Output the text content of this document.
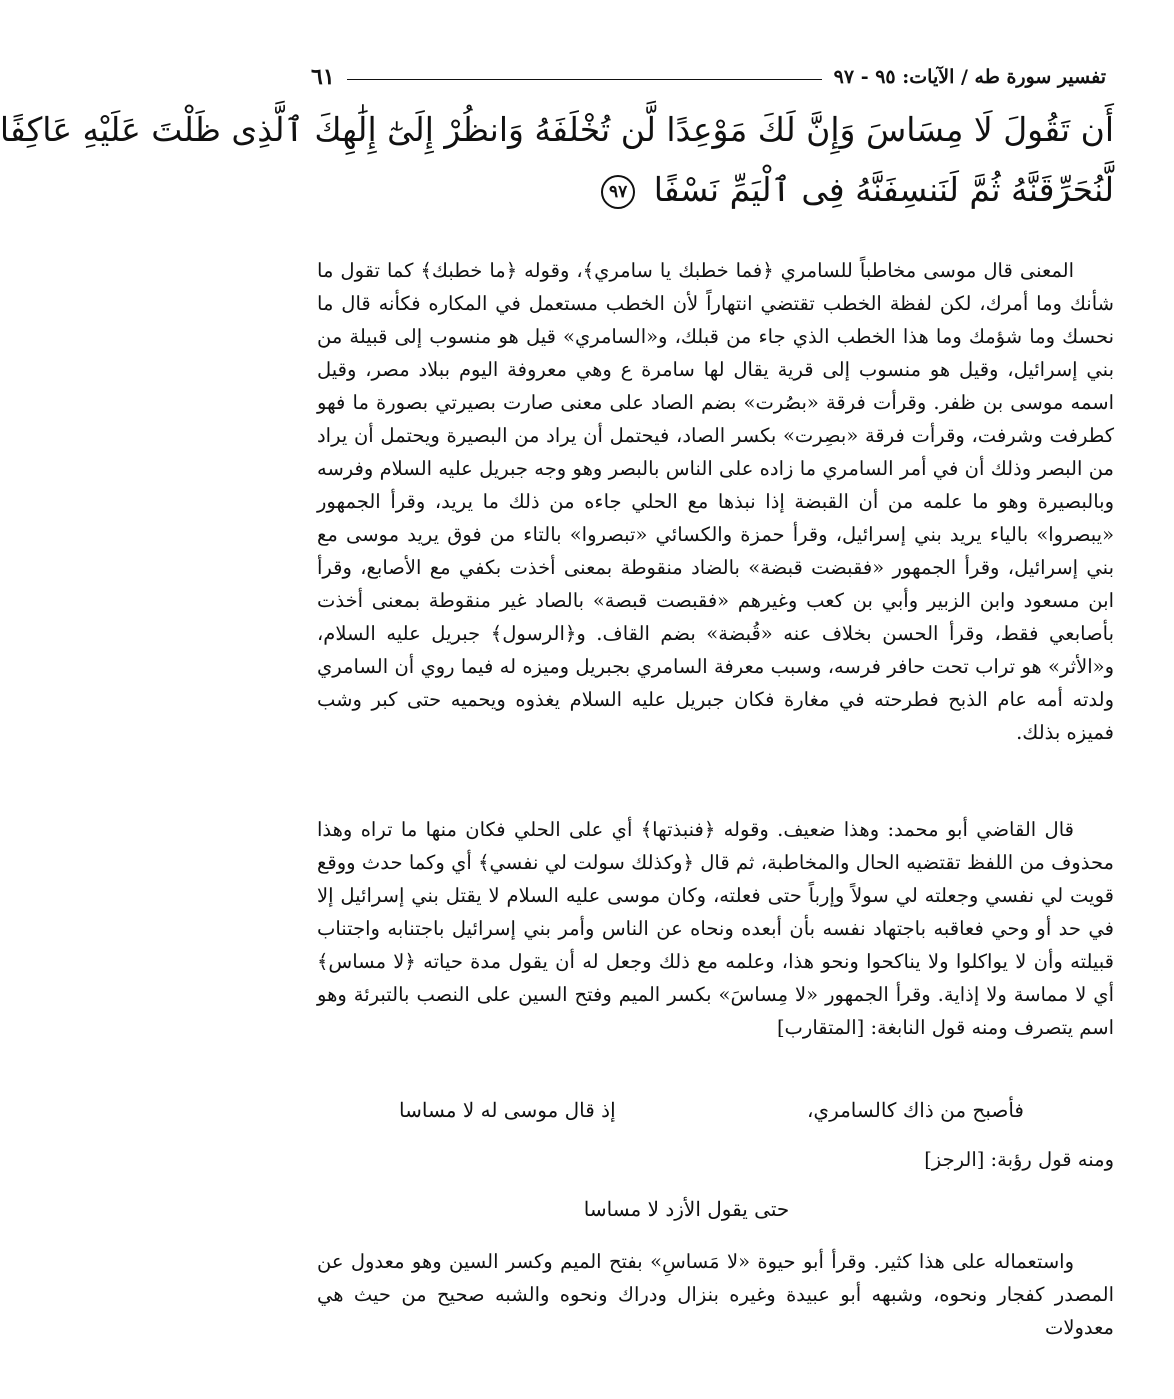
تفسير سورة طه / الآيات: ٩٥ - ٩٧
٦١
أَن تَقُولَ لَا مِسَاسَ وَإِنَّ لَكَ مَوْعِدًا لَّن تُخْلَفَهُ وَانظُرْ إِلَىٰٓ إِلَٰهِكَ ٱلَّذِى ظَلْتَ عَلَيْهِ عَاكِفًا
لَّنُحَرِّقَنَّهُ ثُمَّ لَنَنسِفَنَّهُ فِى ٱلْيَمِّ نَسْفًا ٩٧

المعنى قال موسى مخاطباً للسامري ﴿فما خطبك يا سامري﴾، وقوله ﴿ما خطبك﴾ كما تقول ما شأنك وما أمرك، لكن لفظة الخطب تقتضي انتهاراً لأن الخطب مستعمل في المكاره فكأنه قال ما نحسك وما شؤمك وما هذا الخطب الذي جاء من قبلك، و«السامري» قيل هو منسوب إلى قبيلة من بني إسرائيل، وقيل هو منسوب إلى قرية يقال لها سامرة ع وهي معروفة اليوم ببلاد مصر، وقيل اسمه موسى بن ظفر. وقرأت فرقة «بصُرت» بضم الصاد على معنى صارت بصيرتي بصورة ما فهو كطرفت وشرفت، وقرأت فرقة «بصِرت» بكسر الصاد، فيحتمل أن يراد من البصيرة ويحتمل أن يراد من البصر وذلك أن في أمر السامري ما زاده على الناس بالبصر وهو وجه جبريل عليه السلام وفرسه وبالبصيرة وهو ما علمه من أن القبضة إذا نبذها مع الحلي جاءه من ذلك ما يريد، وقرأ الجمهور «يبصروا» بالياء يريد بني إسرائيل، وقرأ حمزة والكسائي «تبصروا» بالتاء من فوق يريد موسى مع بني إسرائيل، وقرأ الجمهور «فقبضت قبضة» بالضاد منقوطة بمعنى أخذت بكفي مع الأصابع، وقرأ ابن مسعود وابن الزبير وأبي بن كعب وغيرهم «فقبصت قبصة» بالصاد غير منقوطة بمعنى أخذت بأصابعي فقط، وقرأ الحسن بخلاف عنه «قُبضة» بضم القاف. و﴿الرسول﴾ جبريل عليه السلام، و«الأثر» هو تراب تحت حافر فرسه، وسبب معرفة السامري بجبريل وميزه له فيما روي أن السامري ولدته أمه عام الذبح فطرحته في مغارة فكان جبريل عليه السلام يغذوه ويحميه حتى كبر وشب فميزه بذلك.

قال القاضي أبو محمد: وهذا ضعيف. وقوله ﴿فنبذتها﴾ أي على الحلي فكان منها ما تراه وهذا محذوف من اللفظ تقتضيه الحال والمخاطبة، ثم قال ﴿وكذلك سولت لي نفسي﴾ أي وكما حدث ووقع قويت لي نفسي وجعلته لي سولاً وإرباً حتى فعلته، وكان موسى عليه السلام لا يقتل بني إسرائيل إلا في حد أو وحي فعاقبه باجتهاد نفسه بأن أبعده ونحاه عن الناس وأمر بني إسرائيل باجتنابه واجتناب قبيلته وأن لا يواكلوا ولا يناكحوا ونحو هذا، وعلمه مع ذلك وجعل له أن يقول مدة حياته ﴿لا مساس﴾ أي لا مماسة ولا إذاية. وقرأ الجمهور «لا مِساسَ» بكسر الميم وفتح السين على النصب بالتبرئة وهو اسم يتصرف ومنه قول النابغة: [المتقارب]

فأصبح من ذاك كالسامري،
إذ قال موسى له لا مساسا
ومنه قول رؤبة: [الرجز]
حتى يقول الأزد لا مساسا

واستعماله على هذا كثير. وقرأ أبو حيوة «لا مَساسِ» بفتح الميم وكسر السين وهو معدول عن المصدر كفجار ونحوه، وشبهه أبو عبيدة وغيره بنزال ودراك ونحوه والشبه صحيح من حيث هي معدولات
